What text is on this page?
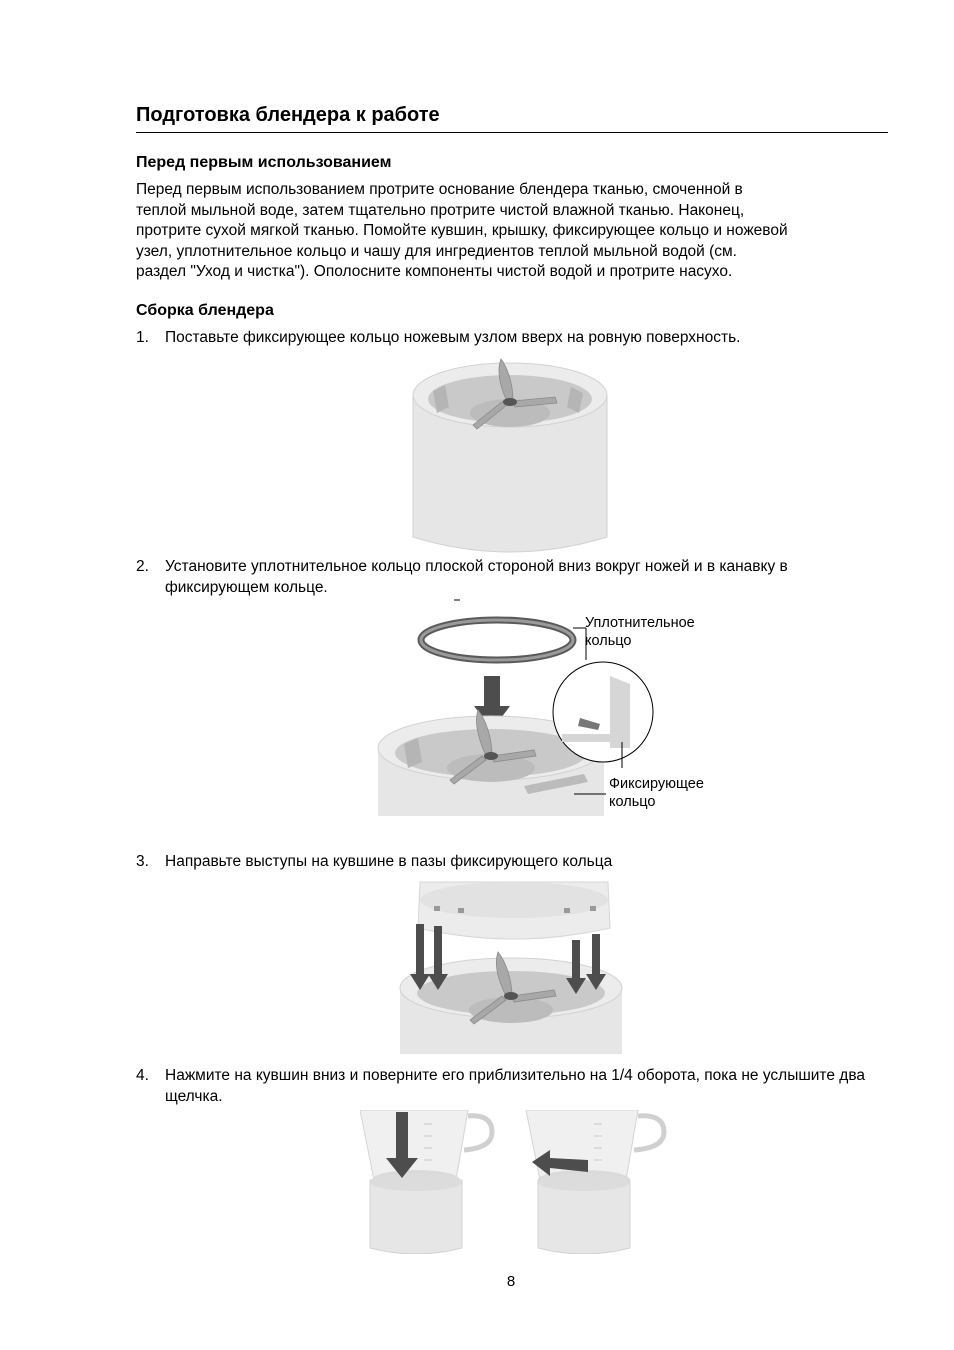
Подготовка блендера к работе
Перед первым использованием
Перед первым использованием протрите основание блендера тканью, смоченной в
теплой мыльной воде, затем тщательно протрите чистой влажной тканью. Наконец,
протрите сухой мягкой тканью. Помойте кувшин, крышку, фиксирующее кольцо и ножевой
узел, уплотнительное кольцо и чашу для ингредиентов теплой мыльной водой (см.
раздел "Уход и чистка"). Ополосните компоненты чистой водой и протрите насухо.
Сборка блендера
1. Поставьте фиксирующее кольцо ножевым узлом вверх на ровную поверхность.
2. Установите уплотнительное кольцо плоской стороной вниз вокруг ножей и в канавку в фиксирующем кольце.
Уплотнительное
кольцо
Фиксирующее
кольцо
3. Направьте выступы на кувшине в пазы фиксирующего кольца
4. Нажмите на кувшин вниз и поверните его приблизительно на 1/4 оборота, пока не услышите два щелчка.
8
